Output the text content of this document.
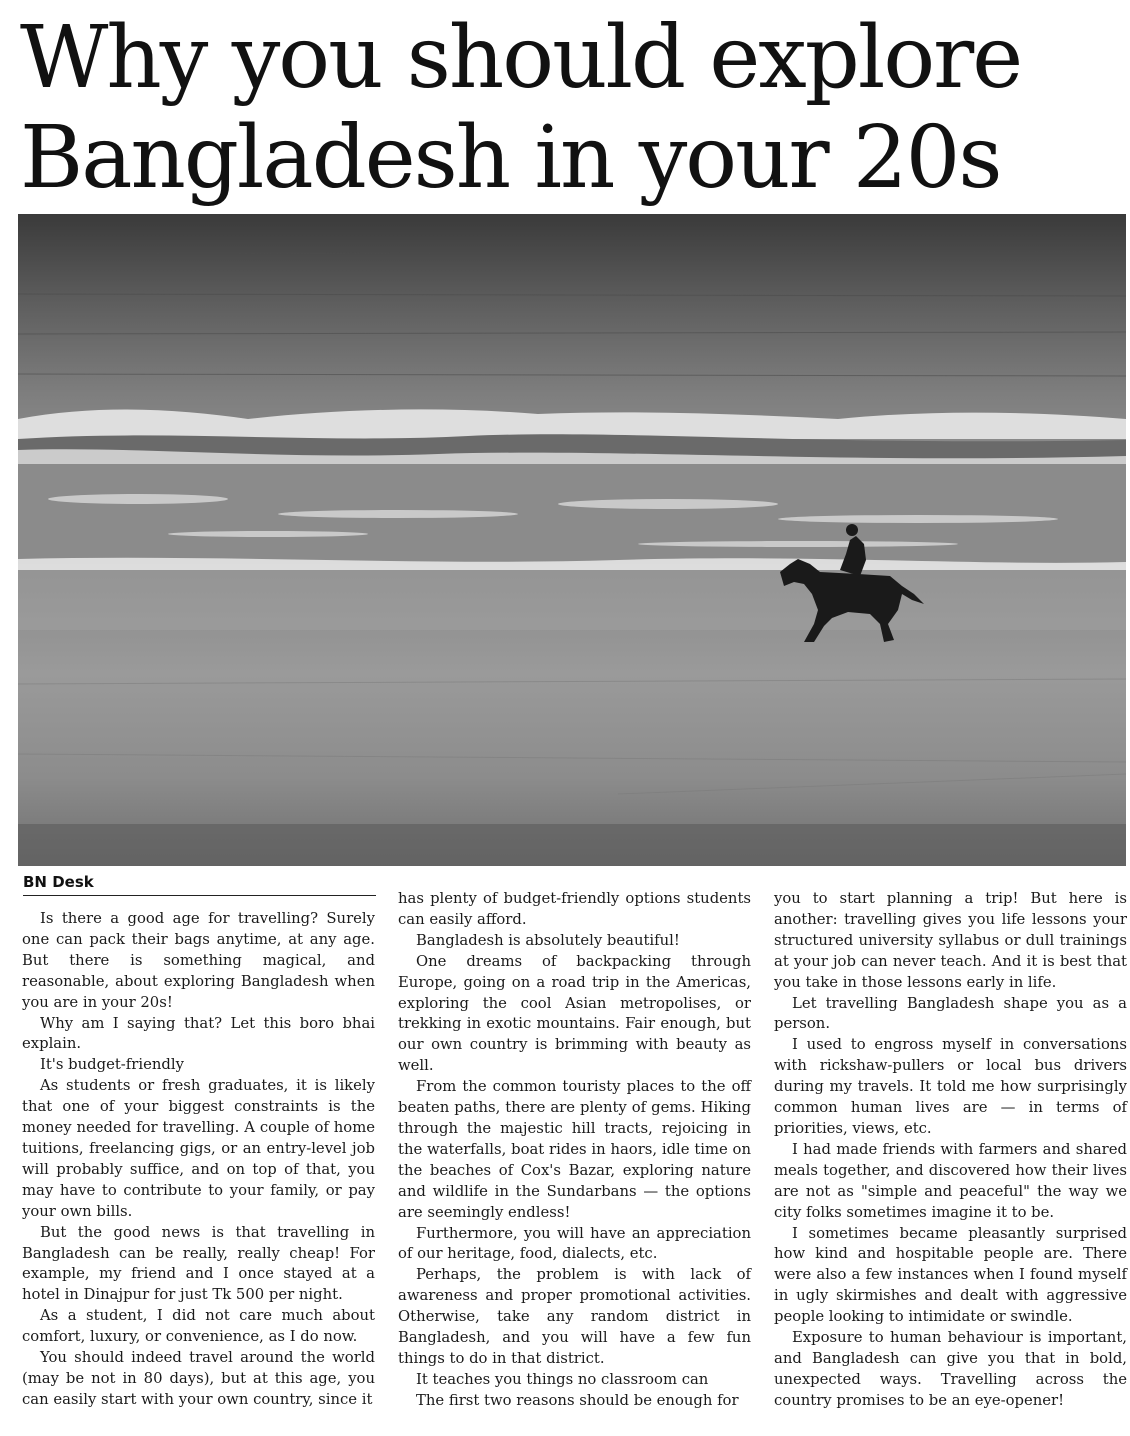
Why you should explore
Bangladesh in your 20s
BN Desk

Is there a good age for travelling? Surely one can pack their bags anytime, at any age. But there is something magical, and reasonable, about exploring Bangladesh when you are in your 20s!

Why am I saying that? Let this boro bhai explain.

It's budget-friendly

As students or fresh graduates, it is likely that one of your biggest constraints is the money needed for travelling. A couple of home tuitions, freelancing gigs, or an entry-level job will probably suffice, and on top of that, you may have to contribute to your family, or pay your own bills.

But the good news is that travelling in Bangladesh can be really, really cheap! For example, my friend and I once stayed at a hotel in Dinajpur for just Tk 500 per night.

As a student, I did not care much about comfort, luxury, or convenience, as I do now.

You should indeed travel around the world (may be not in 80 days), but at this age, you can easily start with your own country, since it

has plenty of budget-friendly options students can easily afford.

Bangladesh is absolutely beautiful!

One dreams of backpacking through Europe, going on a road trip in the Americas, exploring the cool Asian metropolises, or trekking in exotic mountains. Fair enough, but our own country is brimming with beauty as well.

From the common touristy places to the off beaten paths, there are plenty of gems. Hiking through the majestic hill tracts, rejoicing in the waterfalls, boat rides in haors, idle time on the beaches of Cox's Bazar, exploring nature and wildlife in the Sundarbans — the options are seemingly endless!

Furthermore, you will have an appreciation of our heritage, food, dialects, etc.

Perhaps, the problem is with lack of awareness and proper promotional activities. Otherwise, take any random district in Bangladesh, and you will have a few fun things to do in that district.

It teaches you things no classroom can

The first two reasons should be enough for

you to start planning a trip! But here is another: travelling gives you life lessons your structured university syllabus or dull trainings at your job can never teach. And it is best that you take in those lessons early in life.

Let travelling Bangladesh shape you as a person.

I used to engross myself in conversations with rickshaw-pullers or local bus drivers during my travels. It told me how surprisingly common human lives are — in terms of priorities, views, etc.

I had made friends with farmers and shared meals together, and discovered how their lives are not as "simple and peaceful" the way we city folks sometimes imagine it to be.

I sometimes became pleasantly surprised how kind and hospitable people are. There were also a few instances when I found myself in ugly skirmishes and dealt with aggressive people looking to intimidate or swindle.

Exposure to human behaviour is important, and Bangladesh can give you that in bold, unexpected ways. Travelling across the country promises to be an eye-opener!
